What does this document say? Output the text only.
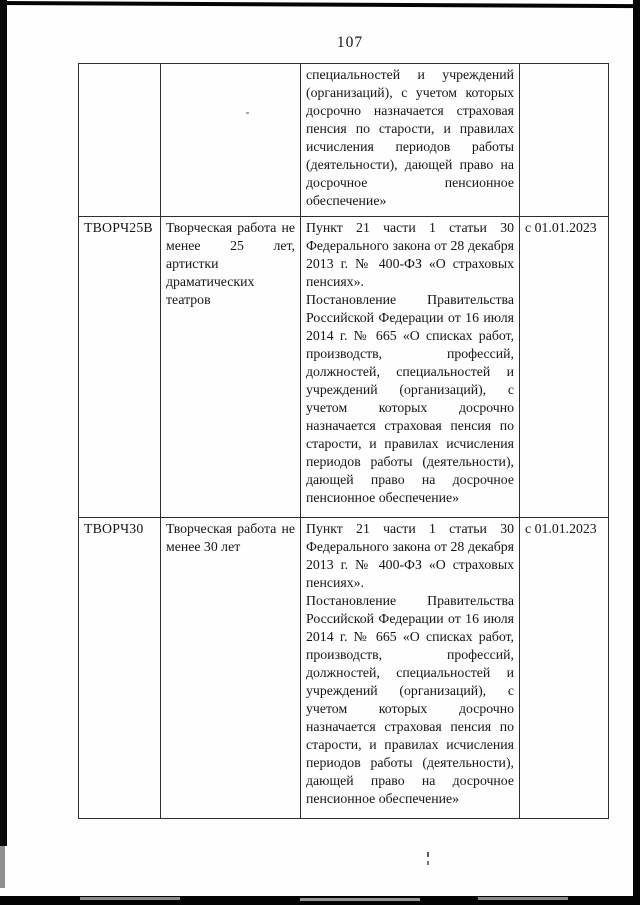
107

		специальностей и учреждений (организаций), с учетом которых досрочно назначается страховая пенсия по старости, и правилах исчисления периодов работы (деятельности), дающей право на досрочное пенсионное обеспечение»	

ТВОРЧ25В	Творческая работа не менее 25 лет, артистки драматических театров	Пункт 21 части 1 статьи 30 Федерального закона от 28 декабря 2013 г. № 400-ФЗ «О страховых пенсиях».

Постановление Правительства Российской Федерации от 16 июля 2014 г. № 665 «О списках работ, производств, профессий, должностей, специальностей и учреждений (организаций), с учетом которых досрочно назначается страховая пенсия по старости, и правилах исчисления периодов работы (деятельности), дающей право на досрочное пенсионное обеспечение»	с 01.01.2023
ТВОРЧ30	Творческая работа не менее 30 лет	Пункт 21 части 1 статьи 30 Федерального закона от 28 декабря 2013 г. № 400-ФЗ «О страховых пенсиях».

Постановление Правительства Российской Федерации от 16 июля 2014 г. № 665 «О списках работ, производств, профессий, должностей, специальностей и учреждений (организаций), с учетом которых досрочно назначается страховая пенсия по старости, и правилах исчисления периодов работы (деятельности), дающей право на досрочное пенсионное обеспечение»	с 01.01.2023
